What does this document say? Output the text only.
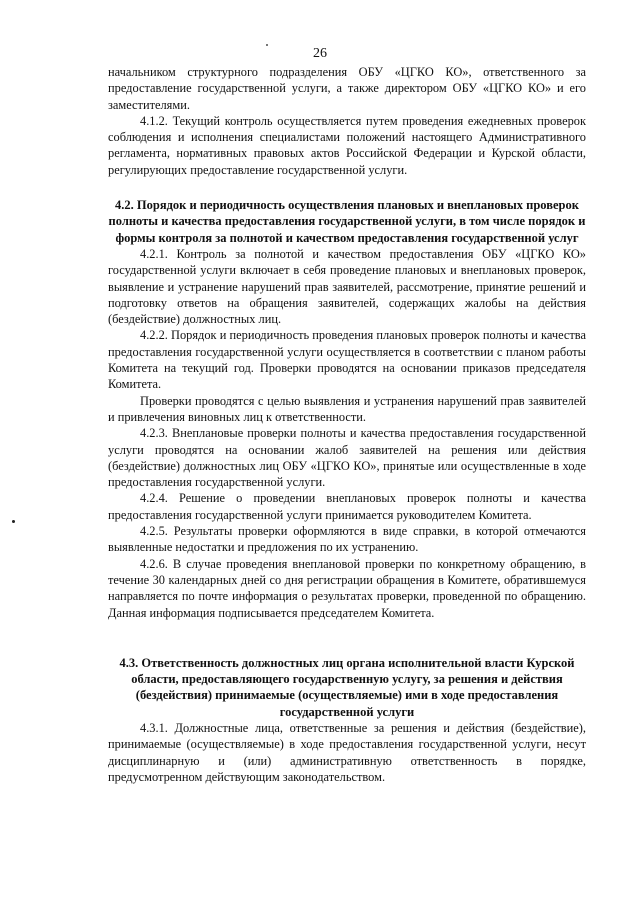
26

начальником структурного подразделения ОБУ «ЦГКО КО», ответственного за предоставление государственной услуги, а также директором ОБУ «ЦГКО КО» и его заместителями.

4.1.2. Текущий контроль осуществляется путем проведения ежедневных проверок соблюдения и исполнения специалистами положений настоящего Административного регламента, нормативных правовых актов Российской Федерации и Курской области, регулирующих предоставление государственной услуги.

4.2. Порядок и периодичность осуществления плановых и внеплановых проверок полноты и качества предоставления государственной услуги, в том числе порядок и формы контроля за полнотой и качеством предоставления государственной услуг

4.2.1. Контроль за полнотой и качеством предоставления ОБУ «ЦГКО КО» государственной услуги включает в себя проведение плановых и внеплановых проверок, выявление и устранение нарушений прав заявителей, рассмотрение, принятие решений и подготовку ответов на обращения заявителей, содержащих жалобы на действия (бездействие) должностных лиц.

4.2.2. Порядок и периодичность проведения плановых проверок полноты и качества предоставления государственной услуги осуществляется в соответствии с планом работы Комитета на текущий год. Проверки проводятся на основании приказов председателя Комитета.

Проверки проводятся с целью выявления и устранения нарушений прав заявителей и привлечения виновных лиц к ответственности.

4.2.3. Внеплановые проверки полноты и качества предоставления государственной услуги проводятся на основании жалоб заявителей на решения или действия (бездействие) должностных лиц ОБУ «ЦГКО КО», принятые или осуществленные в ходе предоставления государственной услуги.

4.2.4. Решение о проведении внеплановых проверок полноты и качества предоставления государственной услуги принимается руководителем Комитета.

4.2.5. Результаты проверки оформляются в виде справки, в которой отмечаются выявленные недостатки и предложения по их устранению.

4.2.6. В случае проведения внеплановой проверки по конкретному обращению, в течение 30 календарных дней со дня регистрации обращения в Комитете, обратившемуся направляется по почте информация о результатах проверки, проведенной по обращению. Данная информация подписывается председателем Комитета.

4.3. Ответственность должностных лиц органа исполнительной власти Курской области, предоставляющего государственную услугу, за решения и действия (бездействия) принимаемые (осуществляемые) ими в ходе предоставления государственной услуги

4.3.1. Должностные лица, ответственные за решения и действия (бездействие), принимаемые (осуществляемые) в ходе предоставления государственной услуги, несут дисциплинарную и (или) административную ответственность в порядке, предусмотренном действующим законодательством.
